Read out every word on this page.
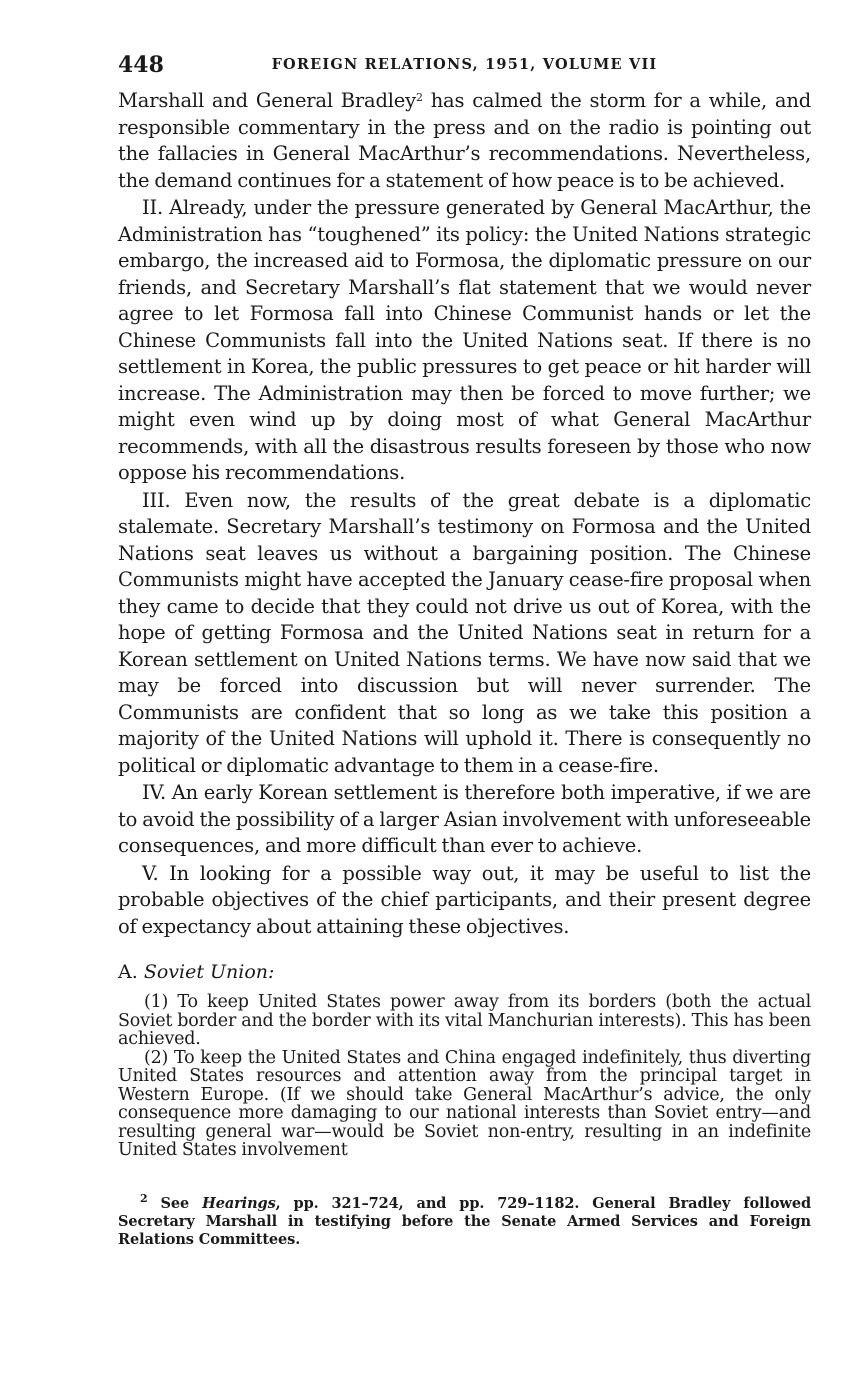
448	FOREIGN RELATIONS, 1951, VOLUME VII

Marshall and General Bradley$^2$ has calmed the storm for a while, and responsible commentary in the press and on the radio is pointing out the fallacies in General MacArthur’s recommendations. Nevertheless, the demand continues for a statement of how peace is to be achieved.

II. Already, under the pressure generated by General MacArthur, the Administration has “toughened” its policy: the United Nations strategic embargo, the increased aid to Formosa, the diplomatic pressure on our friends, and Secretary Marshall’s flat statement that we would never agree to let Formosa fall into Chinese Communist hands or let the Chinese Communists fall into the United Nations seat. If there is no settlement in Korea, the public pressures to get peace or hit harder will increase. The Administration may then be forced to move further; we might even wind up by doing most of what General MacArthur recommends, with all the disastrous results foreseen by those who now oppose his recommendations.

III. Even now, the results of the great debate is a diplomatic stalemate. Secretary Marshall’s testimony on Formosa and the United Nations seat leaves us without a bargaining position. The Chinese Communists might have accepted the January cease-fire proposal when they came to decide that they could not drive us out of Korea, with the hope of getting Formosa and the United Nations seat in return for a Korean settlement on United Nations terms. We have now said that we may be forced into discussion but will never surrender. The Communists are confident that so long as we take this position a majority of the United Nations will uphold it. There is consequently no political or diplomatic advantage to them in a cease-fire.

IV. An early Korean settlement is therefore both imperative, if we are to avoid the possibility of a larger Asian involvement with unforeseeable consequences, and more difficult than ever to achieve.

V. In looking for a possible way out, it may be useful to list the probable objectives of the chief participants, and their present degree of expectancy about attaining these objectives.

A. Soviet Union:

(1) To keep United States power away from its borders (both the actual Soviet border and the border with its vital Manchurian interests). This has been achieved.

(2) To keep the United States and China engaged indefinitely, thus diverting United States resources and attention away from the principal target in Western Europe. (If we should take General MacArthur’s advice, the only consequence more damaging to our national interests than Soviet entry—and resulting general war—would be Soviet non-entry, resulting in an indefinite United States involvement

$^2$ See Hearings, pp. 321–724, and pp. 729–1182. General Bradley followed Secretary Marshall in testifying before the Senate Armed Services and Foreign Relations Committees.
